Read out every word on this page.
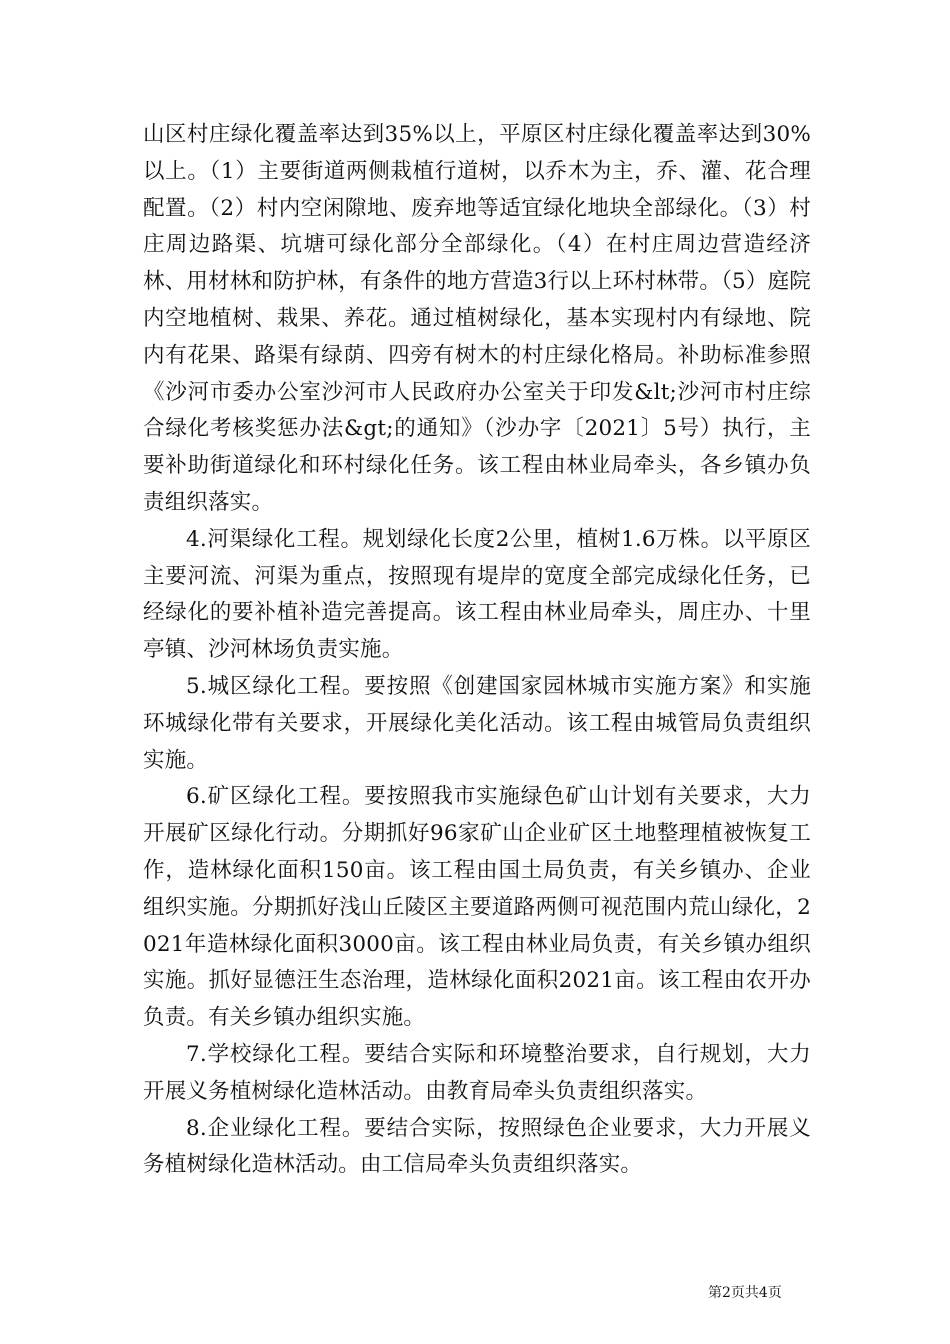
山区村庄绿化覆盖率达到35%以上，平原区村庄绿化覆盖率达到30%以上。（1）主要街道两侧栽植行道树，以乔木为主，乔、灌、花合理配置。（2）村内空闲隙地、废弃地等适宜绿化地块全部绿化。（3）村庄周边路渠、坑塘可绿化部分全部绿化。（4）在村庄周边营造经济林、用材林和防护林，有条件的地方营造3行以上环村林带。（5）庭院内空地植树、栽果、养花。通过植树绿化，基本实现村内有绿地、院内有花果、路渠有绿荫、四旁有树木的村庄绿化格局。补助标准参照《沙河市委办公室沙河市人民政府办公室关于印发&lt;沙河市村庄综合绿化考核奖惩办法&gt;的通知》（沙办字〔2021〕5号）执行，主要补助街道绿化和环村绿化任务。该工程由林业局牵头，各乡镇办负责组织落实。

4.河渠绿化工程。规划绿化长度2公里，植树1.6万株。以平原区主要河流、河渠为重点，按照现有堤岸的宽度全部完成绿化任务，已经绿化的要补植补造完善提高。该工程由林业局牵头，周庄办、十里亭镇、沙河林场负责实施。

5.城区绿化工程。要按照《创建国家园林城市实施方案》和实施环城绿化带有关要求，开展绿化美化活动。该工程由城管局负责组织实施。

6.矿区绿化工程。要按照我市实施绿色矿山计划有关要求，大力开展矿区绿化行动。分期抓好96家矿山企业矿区土地整理植被恢复工作，造林绿化面积150亩。该工程由国土局负责，有关乡镇办、企业组织实施。分期抓好浅山丘陵区主要道路两侧可视范围内荒山绿化，2021年造林绿化面积3000亩。该工程由林业局负责，有关乡镇办组织实施。抓好显德汪生态治理，造林绿化面积2021亩。该工程由农开办负责。有关乡镇办组织实施。

7.学校绿化工程。要结合实际和环境整治要求，自行规划，大力开展义务植树绿化造林活动。由教育局牵头负责组织落实。

8.企业绿化工程。要结合实际，按照绿色企业要求，大力开展义务植树绿化造林活动。由工信局牵头负责组织落实。

第2页共4页
